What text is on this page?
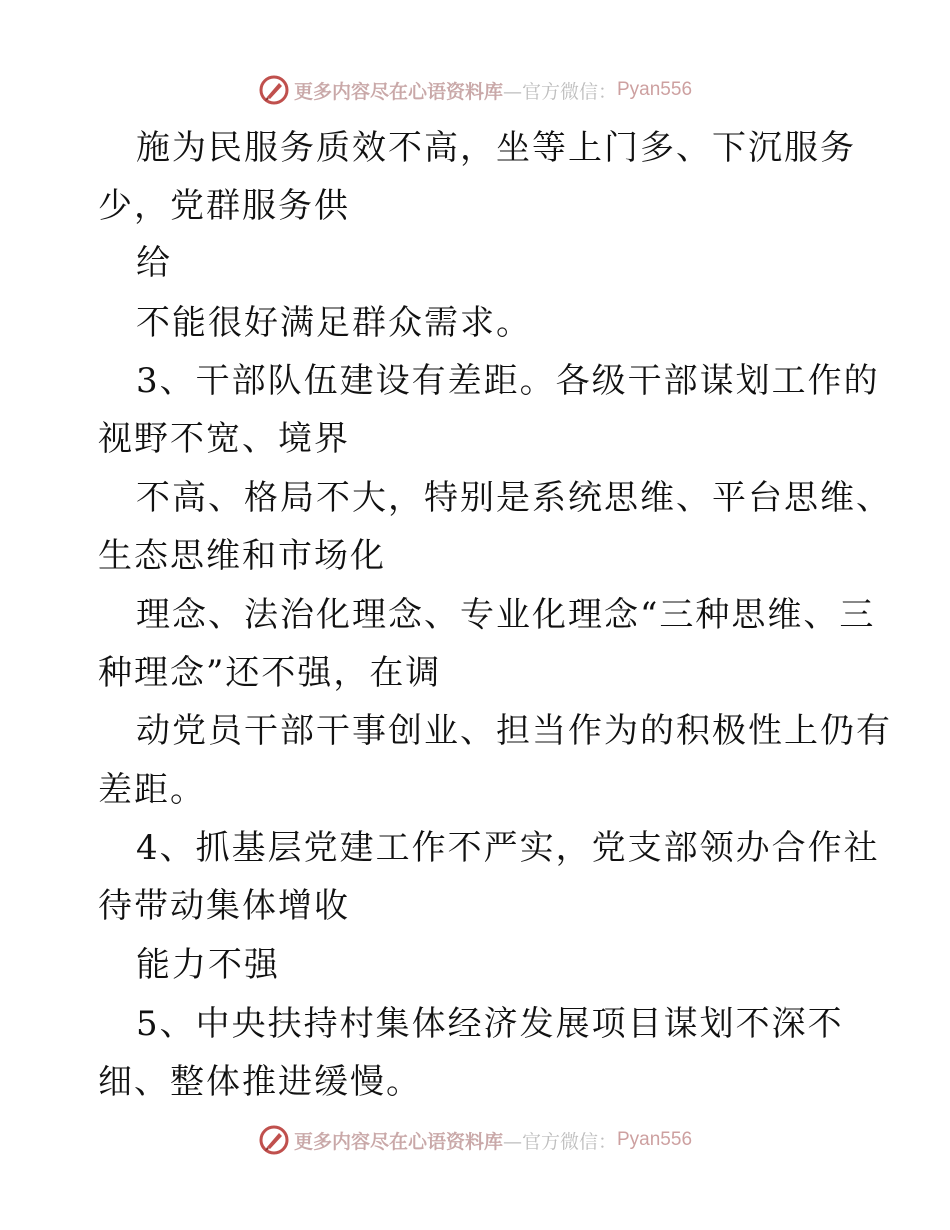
更多内容尽在心语资料库 —官方微信： Pyan556
施为民服务质效不高，坐等上门多、下沉服务
少，党群服务供
给
不能很好满足群众需求。
3、干部队伍建设有差距。各级干部谋划工作的
视野不宽、境界
不高、格局不大，特别是系统思维、平台思维、
生态思维和市场化
理念、法治化理念、专业化理念“三种思维、三
种理念”还不强，在调
动党员干部干事创业、担当作为的积极性上仍有
差距。
4、抓基层党建工作不严实，党支部领办合作社
待带动集体增收
能力不强
5、中央扶持村集体经济发展项目谋划不深不
细、整体推进缓慢。
更多内容尽在心语资料库 —官方微信： Pyan556
